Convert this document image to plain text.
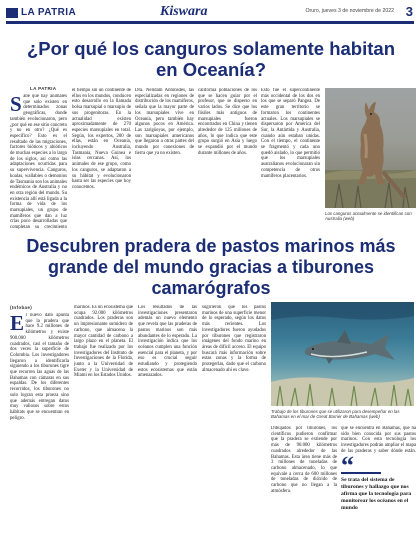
LA PATRIA	Kiswara	Oruro, jueves 3 de noviembre de 2022 3
¿Por qué los canguros solamente habitan en Oceanía?
LA PATRIA
Sabe que hay animales que solo existen en determinados zonas geográficas, donde también evolucionaron, pero ¿por qué en ese sitio concreto y no en otro? ¿Qué es específico? Esto es el resultado de las migraciones, factores bióticos y abióticos de muchas especies a lo largo de los siglos, así como las adaptaciones ocurridas para su supervivencia. Canguros, koalas, wallabies o demonios de Tasmania son los animales endémicos de Australia y no en otra región del mundo. Su existencia allí está ligada a la forma de vida de los marsupiales, un grupo de mamíferos que dan a luz crías poco desarrolladas que completan su crecimiento
el tiempo sin un continente de ellos en los mundos, conducen esto desarrollo en la llamada bolsa marsupial o marsupio de sus progenitoras. En la actualidad existen aproximadamente de 270 especies marsupiales en total. Según, los expertos, 200 de ellas, están en Oceanía, incluyendo Australia, Tasmania, Nueva Guinea e islas cercanas. Así, los animales de ese grupo, como los canguros, se adaptaron a su hábitat y evolucionaron hasta ser las especies que hoy conocemos.
Dra. Nelidam Antonsdes, las especializadas en regiones de distribución de los mamíferos, señala que la mayor parte de los marsupiales vive en Oceanía, pero también hay algunos pocos en América. Las zarigüeyas, por ejemplo, son marsupiales americanos que llegaron a otras partes del mundo por conexiones de tierra que ya no existen.
california poblaciones de los que se hacen guiar por el profesor, que se disperso en varios lados. Se dice que los fósiles más antiguos de marsupiales fueron encontrados en China y tienen alrededor de 125 millones de años, lo que indica que este grupo surgió en Asia y luego se expandió por el mundo durante millones de años.
Esto fue el supercontinente más occidental de los dos en los que se separó Pangea. De este gran territorio se formaron los continentes actuales. Los marsupiales se dispersaron por América del Sur, la Antártida y Australia, cuando aún estaban unidas. Con el tiempo, el continente se fragmentó y cada uno quedó aislado, lo que permitió que los marsupiales australianos evolucionaran sin competencia de otros mamíferos placentarios.
Los canguros actualmente se identifican con Australia (web)
Descubren pradera de pastos marinos más grande del mundo gracias a tiburones camarógrafos
(Infobae)
El nuevo dato apunta que la pradera que hace 9.2 millones de kilómetros y existe 900.000 kilómetros cuadrados, casi el tamaño de dos veces la superficie de Colombia. Los investigadores llegaron a identificarla siguiendo a los tiburones tigre que recorren las aguas de las Bahamas con cámaras en sus espaldas. De los diferentes recorridos, los tiburones no solo logran esta proeza sino que además entregan datos muy valiosos sobre estos hábitats que se encuentran en peligro.
marinos. Es un ecosistema que ocupa 92.000 kilómetros cuadrados. Los praderas son un impresionante sumidero de carbono, que almacena la mayor cantidad de carbono a largo plazo en el planeta. El trabajo fue realizado por los investigadores del Instituto de Investigaciones de la Florida, junto a la Universidad de Exeter y la Universidad de Miami en los Estados Unidos.
Los resultados de las investigaciones presentaron además un nuevo elemento que revela que las praderas de pastos marinos son más abundantes de lo esperado. La investigación indica que los océanos cumplen una función esencial para el planeta, y por eso es crucial seguir estudiando y protegiendo estos ecosistemas que están amenazados.
sugirieron que los pastos marinos de una superficie menor de lo esperado, según los datos más recientes. Los investigadores fueron ayudados por tiburones que registraron imágenes del fondo marino en áreas de difícil acceso. El equipo buscará más información sobre estas zonas y la forma de protegerlas, dado que el carbono almacenado ahí es clave.
Trabajo de los tiburones que se utilizaron para desempeñar en las Bahamas en el mar de Great Barrier de Bahamas (web)
Dibujados por tiburones, los científicos pudieron confirmar que la pradera se extiende por más de 90.000 kilómetros cuadrados alrededor de las Bahamas. Esta área tiene más de 3 millones de toneladas de carbono almacenado, lo que equivale a cerca de 600 millones de toneladas de dióxido de carbono que no llegan a la atmósfera.
que se encuentra en Bahamas, que ha sido bien conocida por sus pastos marinos. Con esta tecnología los investigadores podrán ampliar el mapa de las praderas y saber dónde están.
“
Se trata del sistema de tiburones y hallazgo que nos afirma que la tecnología para monitorear los océanos en el mundo
